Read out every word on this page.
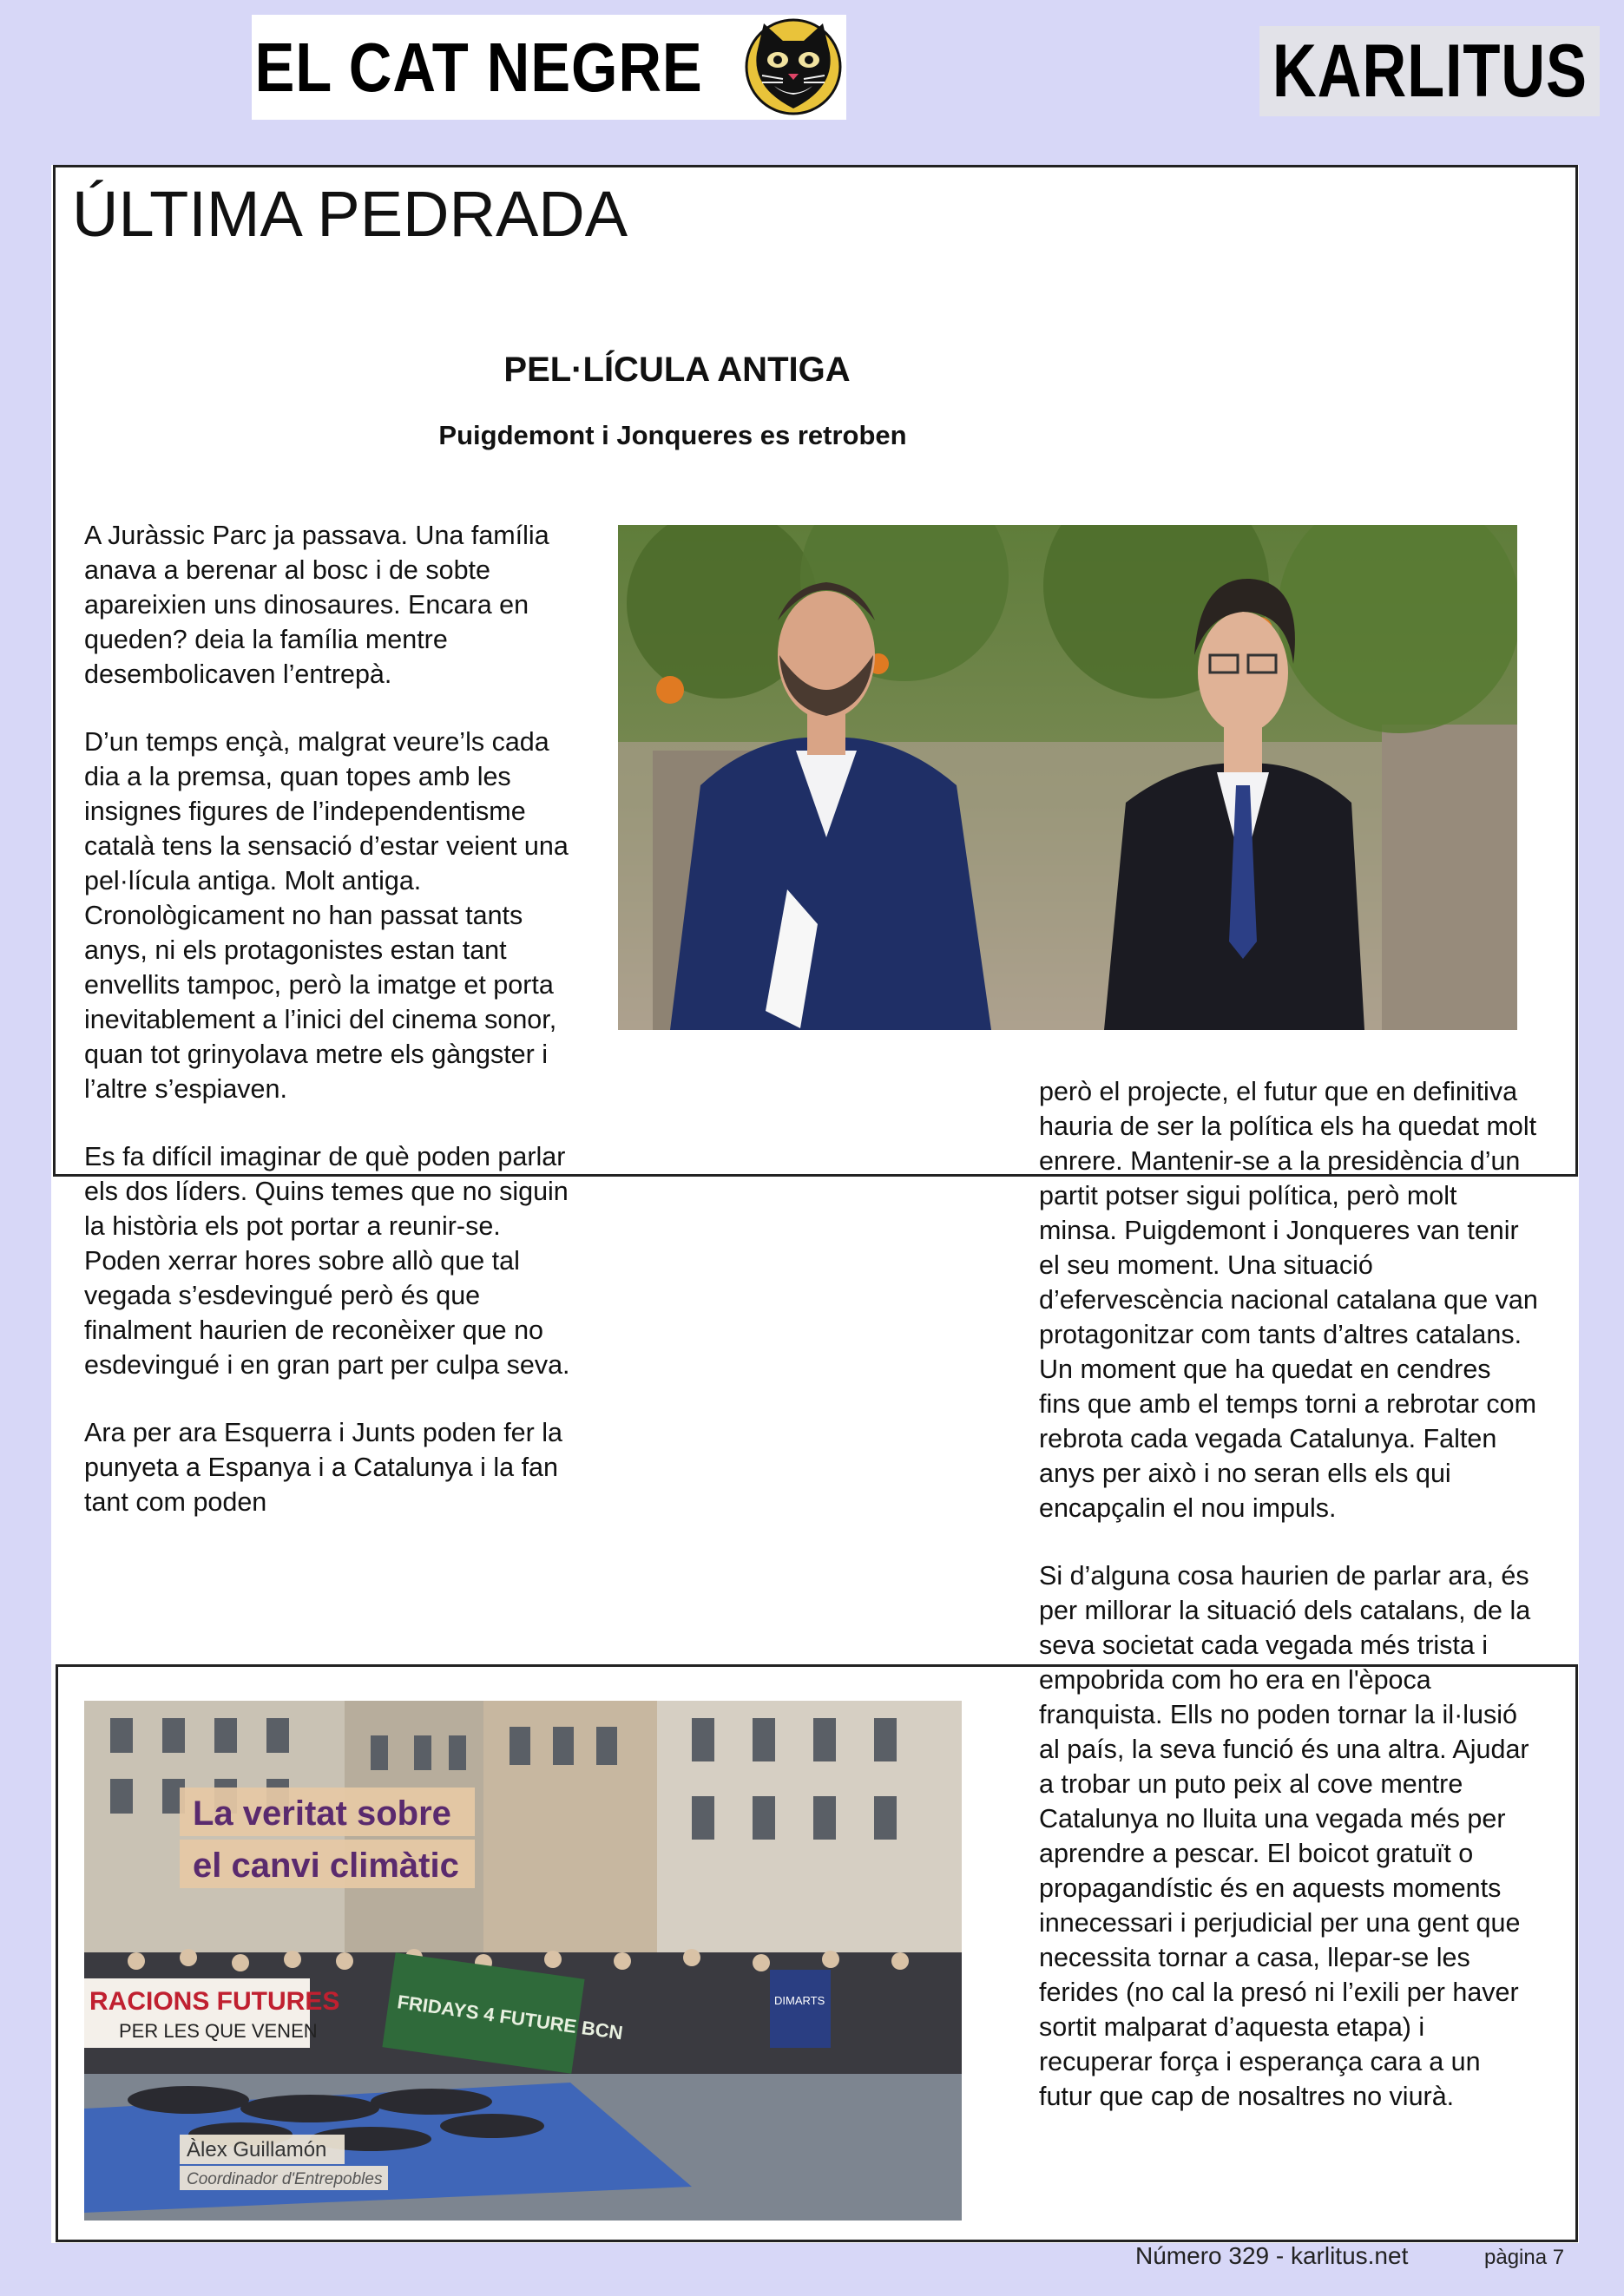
EL CAT NEGRE	KARLITUS
ÚLTIMA PEDRADA
PEL·LÍCULA ANTIGA
Puigdemont i Jonqueres es retroben

A Juràssic Parc ja passava. Una família anava a berenar al bosc i de sobte apareixien uns dinosaures. Encara en queden? deia la família mentre desembolicaven l’entrepà.

D’un temps ençà, malgrat veure’ls cada dia a la premsa, quan topes amb les insignes figures de l’independentisme català tens la sensació d’estar veient una pel·lícula antiga. Molt antiga. Cronològicament no han passat tants anys, ni els protagonistes estan tant envellits tampoc, però la imatge et porta inevitablement a l’inici del cinema sonor, quan tot grinyolava metre els gàngster i l’altre s’espiaven.

Es fa difícil imaginar de què poden parlar els dos líders. Quins temes que no siguin la història els pot portar a reunir-se. Poden xerrar hores sobre allò que tal vegada s’esdevingué però és que finalment haurien de reconèixer que no esdevingué i en gran part per culpa seva.

Ara per ara Esquerra i Junts poden fer la punyeta a Espanya i a Catalunya i la fan tant com poden

però el projecte, el futur que en definitiva hauria de ser la política els ha quedat molt enrere. Mantenir-se a la presidència d’un partit potser sigui política, però molt minsa. Puigdemont i Jonqueres van tenir el seu moment. Una situació d’efervescència nacional catalana que van protagonitzar com tants d’altres catalans. Un moment que ha quedat en cendres fins que amb el temps torni a rebrotar com rebrota cada vegada Catalunya. Falten anys per això i no seran ells els qui encapçalin el nou impuls.

Si d’alguna cosa haurien de parlar ara, és per millorar la situació dels catalans, de la seva societat cada vegada més trista i empobrida com ho era en l'època franquista. Ells no poden tornar la il·lusió al país, la seva funció és una altra. Ajudar a trobar un puto peix al cove mentre Catalunya no lluita una vegada més per aprendre a pescar. El boicot gratuït o propagandístic és en aquests moments innecessari i perjudicial per una gent que necessita tornar a casa, llepar-se les ferides (no cal la presó ni l’exili per haver sortit malparat d’aquesta etapa) i recuperar força i esperança cara a un futur que cap de nosaltres no viurà.

La veritat sobre
el canvi climàtic
RACIONS FUTURES
PER LES QUE VENEN	FRIDAYS 4 FUTURE BCN	DIMARTS
Àlex Guillamón
Coordinador d'Entrepobles
Número 329 - karlitus.net	pàgina 7
